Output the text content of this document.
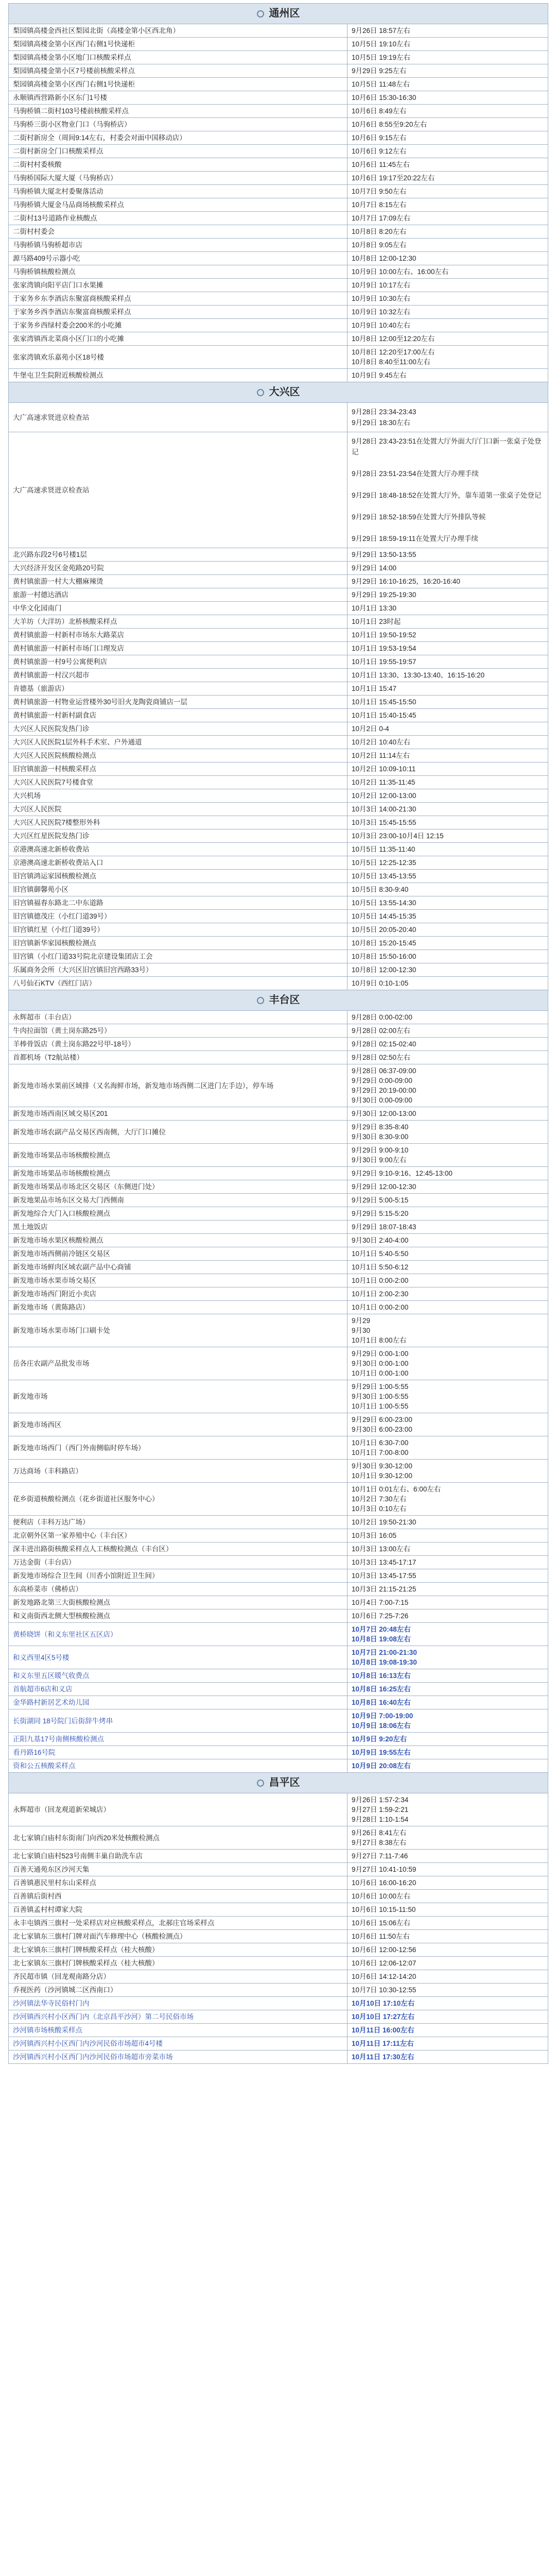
通州区	
梨园镇高楼金西社区梨园北街（高楼金第小区西北角）	9月26日 18:57左右
梨园镇高楼金第小区西门右侧1号快递柜	10月5日 19:10左右
梨园镇高楼金第小区地门口核酸采样点	10月5日 19:19左右
梨园镇高楼金第小区7号楼前核酸采样点	9月29日 9:25左右
梨园镇高楼金第小区西门右侧1号快递柜	10月5日 11:48左右
永顺镇西营路新小区东门1号楼	10月6日 15:30-16:30
马驹桥镇二街村103号楼前核酸采样点	10月6日 8:49左右
马驹桥三街小区物业门口（马驹桥店）	10月6日 8:55至9:20左右
二街村新房全（周间9:14左右，村委会对面中国移动店）	10月6日 9:15左右
二街村新房全门口核酸采样点	10月6日 9:12左右
二街村村委核酸	10月6日 11:45左右
马驹桥国际大厦大厦（马驹桥店）	10月6日 19:17至20:22左右
马驹桥镇大厦北村委聚落活动	10月7日 9:50左右
马驹桥镇大厦金马品商场核酸采样点	10月7日 8:15左右
二街村13号道路作业核酸点	10月7日 17:09左右
二街村村委会	10月8日 8:20左右
马驹桥镇马驹桥超市店	10月8日 9:05左右
源马路409号示器小吃	10月8日 12:00-12:30
马驹桥镇核酸检测点	10月9日 10:00左右、16:00左右
张家湾镇向阳平店门口水果摊	10月9日 10:17左右
于家务乡东李酒店东聚富商核酸采样点	10月9日 10:30左右
于家务乡西李酒店东聚富商核酸采样点	10月9日 10:32左右
于家务乡西绿村委会200米的小吃摊	10月9日 10:40左右
张家湾镇西北菜商小区门口的小吃摊	10月8日 12:00至12:20左右
张家湾镇欢乐嘉苑小区18号楼	10月8日 12:20至17:00左右
10月8日 8:40至11:00左右
牛堡屯卫生院附近核酸检测点	10月9日 9:45左右
大兴区	
大广高速求贤进京检查站	9月28日 23:34-23:43
9月29日 18:30左右
大广高速求贤进京检查站	9月28日 23:43-23:51在处置大厅外面大厅门口新一张桌子处登记

9月28日 23:51-23:54在处置大厅办理手续

9月29日 18:48-18:52在处置大厅外，靠车道第一张桌子处登记

9月29日 18:52-18:59在处置大厅外排队等候

9月29日 18:59-19:11在处置大厅办理手续
北兴路东段2号6号楼1层	9月29日 13:50-13:55
大兴经济开发区金苑路20号院	9月29日 14:00
黄村镇旅游一村大大棚麻辣烫	9月29日 16:10-16:25，16:20-16:40
旅游一村德达酒店	9月29日 19:25-19:30
中华文化园南门	10月1日 13:30
大羊坊（大洋坊）北桥核酸采样点	10月1日 23时起
黄村镇旅游一村新村市场东大路菜店	10月1日 19:50-19:52
黄村镇旅游一村新村市场门口理发店	10月1日 19:53-19:54
黄村镇旅游一村9号公寓便利店	10月1日 19:55-19:57
黄村镇旅游一村汉兴超市	10月1日 13:30、13:30-13:40、16:15-16:20
肯德基（旅游店）	10月1日 15:47
黄村镇旅游一村物业运营楼外30号旧火龙陶瓷商铺店一层	10月1日 15:45-15:50
黄村镇旅游一村新村副食店	10月1日 15:40-15:45
大兴区人民医院发热门诊	10月2日 0-4
大兴区人民医院1层外科手术室、户外通道	10月2日 10:40左右
大兴区人民医院核酸检测点	10月2日 11:14左右
旧宫镇旅游一村核酸采样点	10月2日 10:09-10:11
大兴区人民医院7号楼食堂	10月2日 11:35-11:45
大兴机场	10月2日 12:00-13:00
大兴区人民医院	10月3日 14:00-21:30
大兴区人民医院7楼整形外科	10月3日 15:45-15:55
大兴区红星医院发热门诊	10月3日 23:00-10月4日 12:15
京港澳高速北新桥收费站	10月5日 11:35-11:40
京港澳高速北新桥收费站入口	10月5日 12:25-12:35
旧宫镇鸿运家园核酸检测点	10月5日 13:45-13:55
旧宫镇御馨苑小区	10月5日 8:30-9:40
旧宫镇福春东路北二中东道路	10月5日 13:55-14:30
旧宫镇德茂庄（小红门道39号）	10月5日 14:45-15:35
旧宫镇红星（小红门道39号）	10月5日 20:05-20:40
旧宫镇新华家园核酸检测点	10月8日 15:20-15:45
旧宫镇（小红门道33号院北京建设集团店工会	10月8日 15:50-16:00
乐属商务会所（大兴区旧宫镇旧宫西路33号）	10月8日 12:00-12:30
八号仙石KTV（西红门店）	10月9日 0:10-1:05
丰台区	
永辉超市（丰台店）	9月28日 0:00-02:00
牛肉拉面馆（黄土岗东路25号）	9月28日 02:00左右
羊棒骨饭店（黄土岗东路22号甲-18号）	9月28日 02:15-02:40
首都机场（T2航站楼）	9月28日 02:50左右
新发地市场水果前区域排（又名海鲜市场，新发地市场西侧二区进门左手边），停车场	9月28日 06:37-09:00
9月29日 0:00-09:00
9月29日 20:19-00:00
9月30日 0:00-09:00
新发地市场西南区域交易区201	9月30日 12:00-13:00
新发地市场农副产品交易区西南侧，大厅门口摊位	9月29日 8:35-8:40
9月30日 8:30-9:00
新发地市场果品市场核酸检测点	9月29日 9:00-9:10
9月30日 9:00左右
新发地市场果品市场核酸检测点	9月29日 9:10-9:16、12:45-13:00
新发地市场果品市场北区交易区（东侧进门处）	9月29日 12:00-12:30
新发地果品市场东区交易大门西侧南	9月29日 5:00-5:15
新发地综合大门入口核酸检测点	9月29日 5:15-5:20
黑土地饭店	9月29日 18:07-18:43
新发地市场水果区核酸检测点	9月30日 2:40-4:00
新发地市场西侧前冷链区交易区	10月1日 5:40-5:50
新发地市场鲜肉区域农副产品中心商铺	10月1日 5:50-6:12
新发地市场水果市场交易区	10月1日 0:00-2:00
新发地市场西门附近小卖店	10月1日 2:00-2:30
新发地市场（黄陈路店）	10月1日 0:00-2:00
新发地市场水果市场门口刷卡处	9月29
9月30
10月1日 8:00左右
岳各庄农副产品批发市场	9月29日 0:00-1:00
9月30日 0:00-1:00
10月1日 0:00-1:00
新发地市场	9月29日 1:00-5:55
9月30日 1:00-5:55
10月1日 1:00-5:55
新发地市场西区	9月29日 6:00-23:00
9月30日 6:00-23:00
新发地市场西门（西门外南侧临时停车场）	10月1日 6:30-7:00
10月1日 7:00-8:00
万达商场（丰科路店）	9月30日 9:30-12:00
10月1日 9:30-12:00
花乡街道核酸检测点（花乡街道社区服务中心）	10月1日 0:01左右、6:00左右
10月2日 7:30左右
10月3日 0:10左右
便利店（丰科万达广场）	10月2日 19:50-21:30
北京朝外区第一家养殖中心（丰台区）	10月3日 16:05
深丰进出路街核酸采样点人工核酸检测点（丰台区）	10月3日 13:00左右
万达金街（丰台店）	10月3日 13:45-17:17
新发地市场综合卫生间（川香小馆附近卫生间）	10月3日 13:45-17:55
东高桥菜市（佛桥店）	10月3日 21:15-21:25
新发地路北第三大街核酸检测点	10月4日 7:00-7:15
和义南街西北侧大型核酸检测点	10月6日 7:25-7:26
黄桥晓饼（和义东里社区五区店）	10月7日 20:48左右
10月8日 19:08左右
和义西里4区5号楼	10月7日 21:00-21:30
10月8日 19:08-19:30
和义东里五区暖气收费点	10月8日 16:13左右
首航超市6店和义店	10月8日 16:25左右
金华路村新居艺术幼儿园	10月8日 16:40左右
长街湖同 18号院门后街辞牛烤串	10月9日 7:00-19:00
10月9日 18:06左右
正阳九基17号南侧核酸检测点	10月9日 9:20左右
看丹路16号院	10月9日 19:55左右
资和公五核酸采样点	10月9日 20:08左右
昌平区	
永辉超市（回龙观道新荣城店）	9月26日 1:57-2:34
9月27日 1:59-2:21
9月28日 1:10-1:54
北七家镇白庙村东街南门向西20米处核酸检测点	9月26日 8:41左右
9月27日 8:38左右
北七家镇白庙村523号南侧丰巢自助洗车店	9月27日 7:11-7:46
百善天通苑东区沙河天集	9月27日 10:41-10:59
百善镇惠民里村东山采样点	10月6日 16:00-16:20
百善镇后街村西	10月6日 10:00左右
百善镇孟村村谭家大院	10月6日 10:15-11:50
永丰屯镇西三旗村一处采样店对应核酸采样点，北郝庄官场采样点	10月6日 15:06左右
北七家镇东三旗村门牌对面汽车修理中心（核酸检测点）	10月6日 11:50左右
北七家镇东三旗村门牌核酸采样点（桂大核酸）	10月6日 12:00-12:56
北七家镇东三旗村门牌核酸采样点（桂大核酸）	10月6日 12:06-12:07
齐民超市镇（回龙观南路分店）	10月6日 14:12-14:20
乔视医药（沙河镇城二区西南口）	10月7日 10:30-12:55
沙河镇法华寺民俗村门内	10月10日 17:10左右
沙河镇西兴村小区西门内（北京昌平沙河）第二号民俗市场	10月10日 17:27左右
沙河镇市场核酸采样点	10月11日 16:00左右
沙河镇西兴村小区西门内沙河民俗市场超市4号楼	10月11日 17:11左右
沙河镇西兴村小区西门内沙河民俗市场超市旁菜市场	10月11日 17:30左右
